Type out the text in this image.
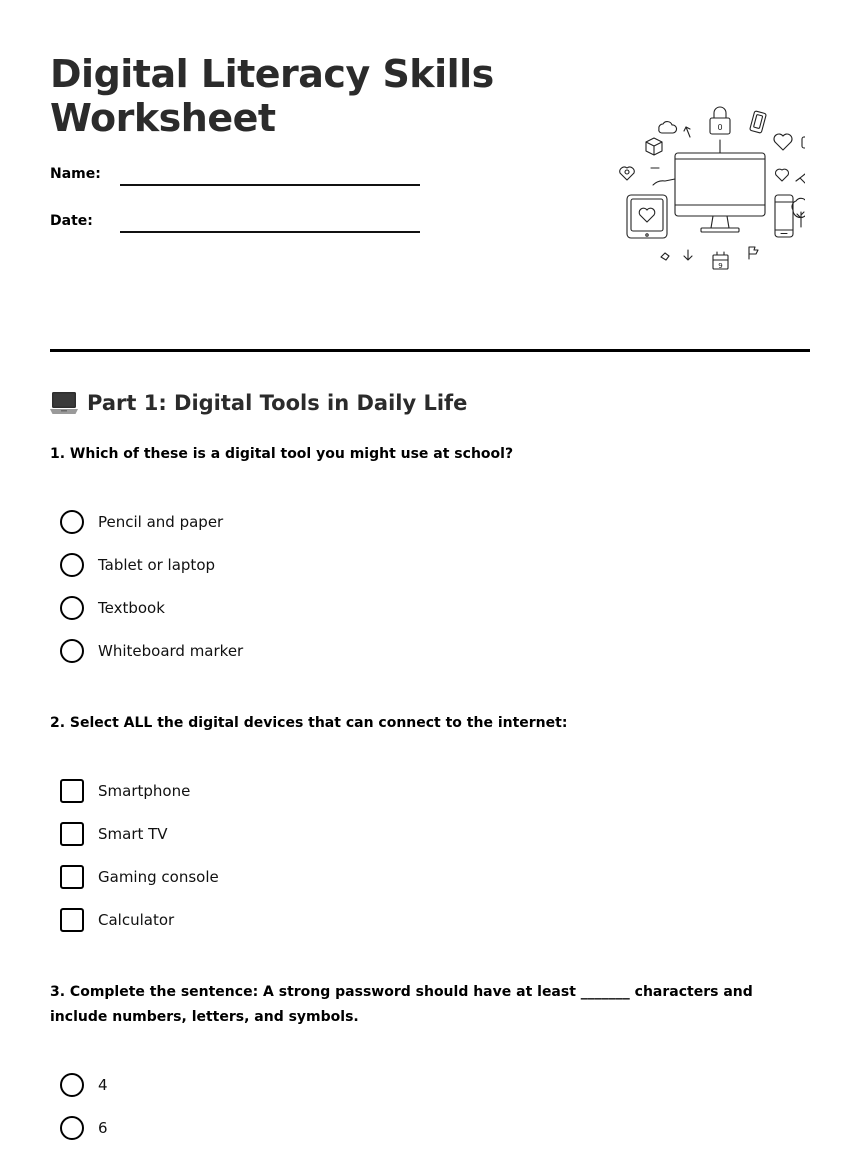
Digital Literacy Skills Worksheet
Name:
Date:
0
9
Part 1: Digital Tools in Daily Life
1. Which of these is a digital tool you might use at school?
Pencil and paper
Tablet or laptop
Textbook
Whiteboard marker
2. Select ALL the digital devices that can connect to the internet:
Smartphone
Smart TV
Gaming console
Calculator
3. Complete the sentence: A strong password should have at least _______ characters and include numbers, letters, and symbols.
4
6
